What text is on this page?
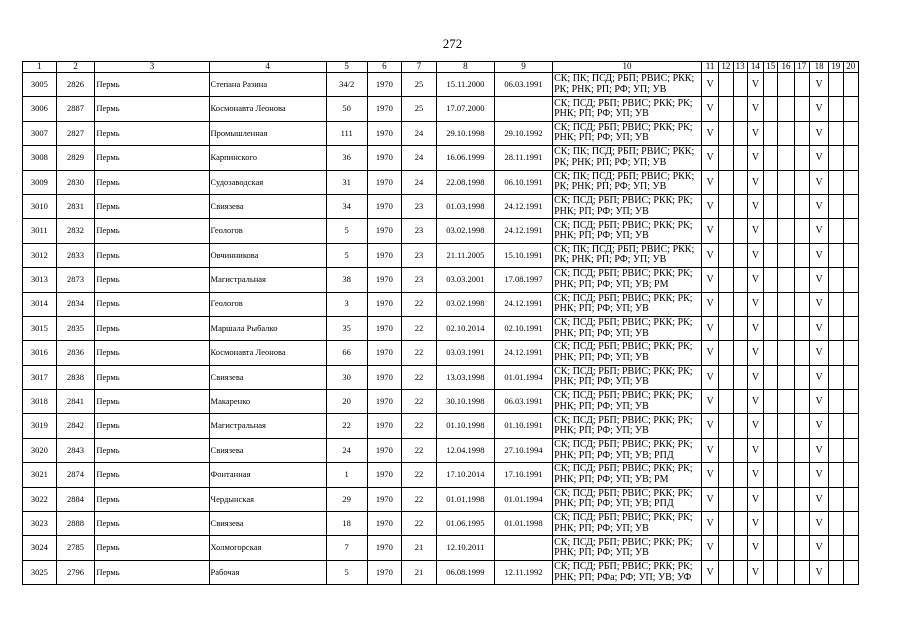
272
1	2	3	4	5	6	7	8	9	10	11	12	13	14	15	16	17	18	19	20
3005	2826	Пермь	Степана Разина	34/2	1970	25	15.11.2000	06.03.1991	СК; ПК; ПСД; РБП; РВИС; РКК; РК; РНК; РП; РФ; УП; УВ	V			V				V		
3006	2887	Пермь	Космонавта Леонова	50	1970	25	17.07.2000		СК; ПСД; РБП; РВИС; РКК; РК; РНК; РП; РФ; УП; УВ	V			V				V		
3007	2827	Пермь	Промышленная	111	1970	24	29.10.1998	29.10.1992	СК; ПСД; РБП; РВИС; РКК; РК; РНК; РП; РФ; УП; УВ	V			V				V		
3008	2829	Пермь	Карпинского	36	1970	24	16.06.1999	28.11.1991	СК; ПК; ПСД; РБП; РВИС; РКК; РК; РНК; РП; РФ; УП; УВ	V			V				V		
3009	2830	Пермь	Судозаводская	31	1970	24	22.08.1998	06.10.1991	СК; ПК; ПСД; РБП; РВИС; РКК; РК; РНК; РП; РФ; УП; УВ	V			V				V		
3010	2831	Пермь	Свиязева	34	1970	23	01.03.1998	24.12.1991	СК; ПСД; РБП; РВИС; РКК; РК; РНК; РП; РФ; УП; УВ	V			V				V		
3011	2832	Пермь	Геологов	5	1970	23	03.02.1998	24.12.1991	СК; ПСД; РБП; РВИС; РКК; РК; РНК; РП; РФ; УП; УВ	V			V				V		
3012	2833	Пермь	Овчинникова	5	1970	23	21.11.2005	15.10.1991	СК; ПК; ПСД; РБП; РВИС; РКК; РК; РНК; РП; РФ; УП; УВ	V			V				V		
3013	2873	Пермь	Магистральная	38	1970	23	03.03.2001	17.08.1997	СК; ПСД; РБП; РВИС; РКК; РК; РНК; РП; РФ; УП; УВ; РМ	V			V				V		
3014	2834	Пермь	Геологов	3	1970	22	03.02.1998	24.12.1991	СК; ПСД; РБП; РВИС; РКК; РК; РНК; РП; РФ; УП; УВ	V			V				V		
3015	2835	Пермь	Маршала Рыбалко	35	1970	22	02.10.2014	02.10.1991	СК; ПСД; РБП; РВИС; РКК; РК; РНК; РП; РФ; УП; УВ	V			V				V		
3016	2836	Пермь	Космонавта Леонова	66	1970	22	03.03.1991	24.12.1991	СК; ПСД; РБП; РВИС; РКК; РК; РНК; РП; РФ; УП; УВ	V			V				V		
3017	2838	Пермь	Свиязева	30	1970	22	13.03.1998	01.01.1994	СК; ПСД; РБП; РВИС; РКК; РК; РНК; РП; РФ; УП; УВ	V			V				V		
3018	2841	Пермь	Макаренко	20	1970	22	30.10.1998	06.03.1991	СК; ПСД; РБП; РВИС; РКК; РК; РНК; РП; РФ; УП; УВ	V			V				V		
3019	2842	Пермь	Магистральная	22	1970	22	01.10.1998	01.10.1991	СК; ПСД; РБП; РВИС; РКК; РК; РНК; РП; РФ; УП; УВ	V			V				V		
3020	2843	Пермь	Свиязева	24	1970	22	12.04.1998	27.10.1994	СК; ПСД; РБП; РВИС; РКК; РК; РНК; РП; РФ; УП; УВ; РПД	V			V				V		
3021	2874	Пермь	Фонтанная	1	1970	22	17.10.2014	17.10.1991	СК; ПСД; РБП; РВИС; РКК; РК; РНК; РП; РФ; УП; УВ; РМ	V			V				V		
3022	2884	Пермь	Чердынская	29	1970	22	01.01.1998	01.01.1994	СК; ПСД; РБП; РВИС; РКК; РК; РНК; РП; РФ; УП; УВ; РПД	V			V				V		
3023	2888	Пермь	Свиязева	18	1970	22	01.06.1995	01.01.1998	СК; ПСД; РБП; РВИС; РКК; РК; РНК; РП; РФ; УП; УВ	V			V				V		
3024	2785	Пермь	Холмогорская	7	1970	21	12.10.2011		СК; ПСД; РБП; РВИС; РКК; РК; РНК; РП; РФ; УП; УВ	V			V				V		
3025	2796	Пермь	Рабочая	5	1970	21	06.08.1999	12.11.1992	СК; ПСД; РБП; РВИС; РКК; РК; РНК; РП; РФа; РФ; УП; УВ; УФ	V			V				V		
